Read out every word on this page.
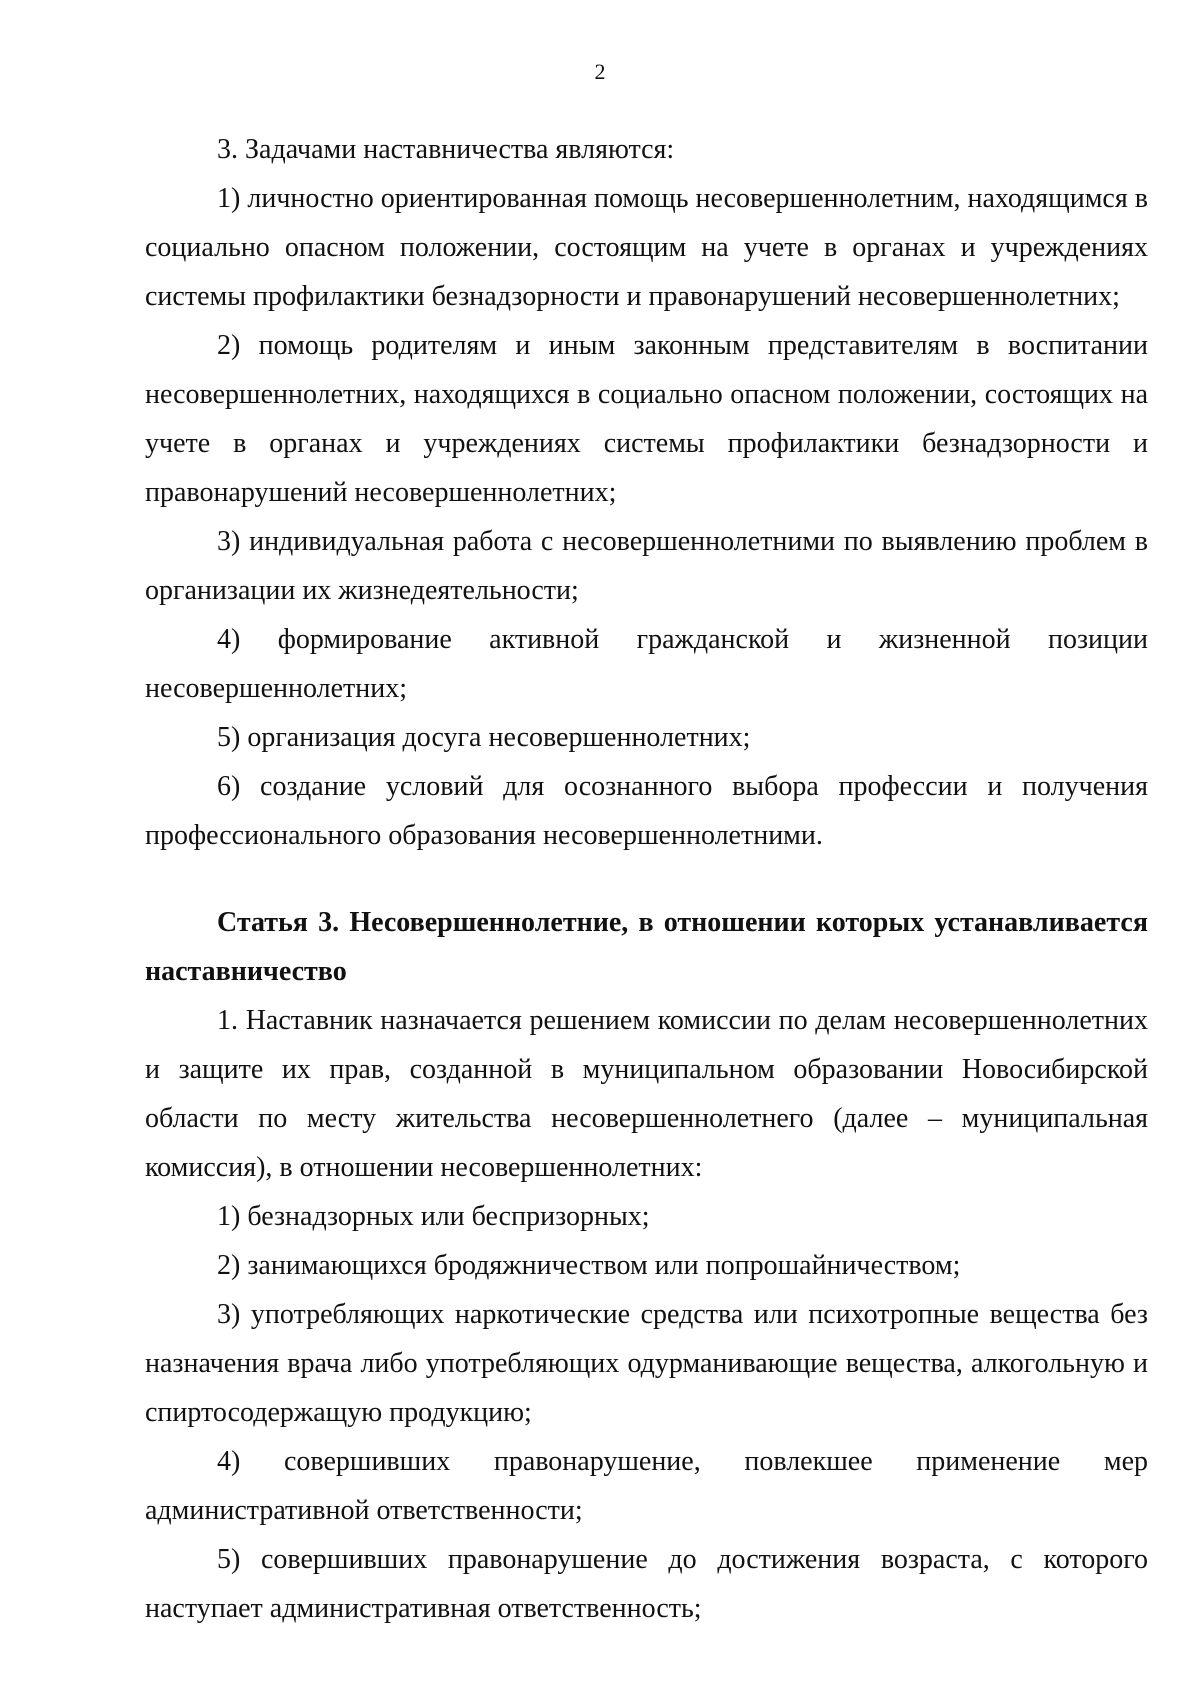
2

3. Задачами наставничества являются:

1) личностно ориентированная помощь несовершеннолетним, находящимся в социально опасном положении, состоящим на учете в органах и учреждениях системы профилактики безнадзорности и правонарушений несовершеннолетних;

2) помощь родителям и иным законным представителям в воспитании несовершеннолетних, находящихся в социально опасном положении, состоящих на учете в органах и учреждениях системы профилактики безнадзорности и правонарушений несовершеннолетних;

3) индивидуальная работа с несовершеннолетними по выявлению проблем в организации их жизнедеятельности;

4) формирование активной гражданской и жизненной позиции несовершеннолетних;

5) организация досуга несовершеннолетних;

6) создание условий для осознанного выбора профессии и получения профессионального образования несовершеннолетними.

Статья 3. Несовершеннолетние, в отношении которых устанавливается наставничество

1. Наставник назначается решением комиссии по делам несовершеннолетних и защите их прав, созданной в муниципальном образовании Новосибирской области по месту жительства несовершеннолетнего (далее – муниципальная комиссия), в отношении несовершеннолетних:

1) безнадзорных или беспризорных;

2) занимающихся бродяжничеством или попрошайничеством;

3) употребляющих наркотические средства или психотропные вещества без назначения врача либо употребляющих одурманивающие вещества, алкогольную и спиртосодержащую продукцию;

4) совершивших правонарушение, повлекшее применение мер административной ответственности;

5) совершивших правонарушение до достижения возраста, с которого наступает административная ответственность;
